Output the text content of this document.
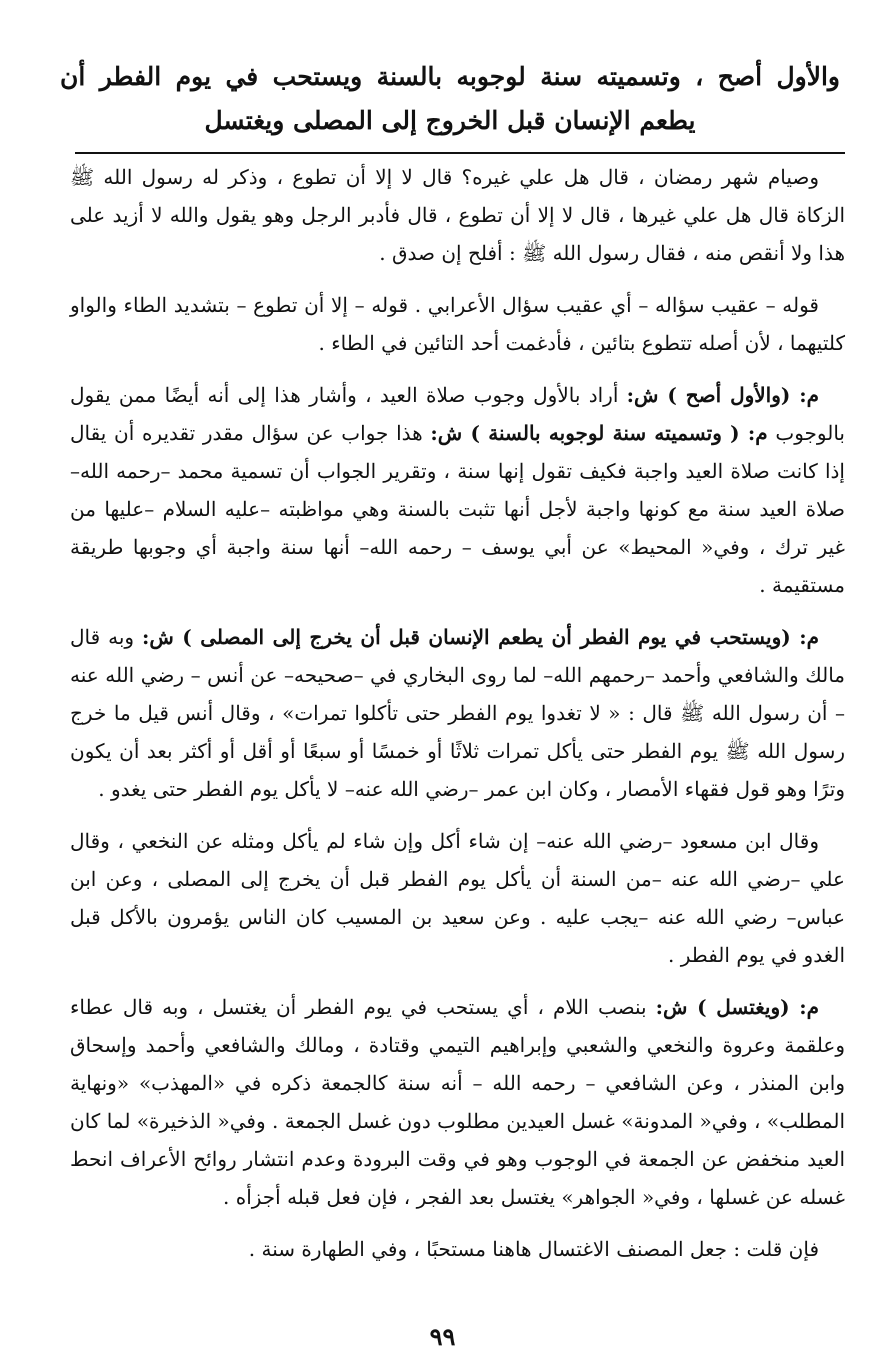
والأول أصح ، وتسميته سنة لوجوبه بالسنة ويستحب في يوم الفطر أن يطعم الإنسان قبل الخروج إلى المصلى ويغتسل

وصيام شهر رمضان ، قال هل علي غيره؟ قال لا إلا أن تطوع ، وذكر له رسول الله ﷺ الزكاة قال هل علي غيرها ، قال لا إلا أن تطوع ، قال فأدبر الرجل وهو يقول والله لا أزيد على هذا ولا أنقص منه ، فقال رسول الله ﷺ : أفلح إن صدق .

قوله – عقيب سؤاله – أي عقيب سؤال الأعرابي . قوله – إلا أن تطوع – بتشديد الطاء والواو كلتيهما ، لأن أصله تتطوع بتائين ، فأدغمت أحد التائين في الطاء .

م: (والأول أصح ) ش: أراد بالأول وجوب صلاة العيد ، وأشار هذا إلى أنه أيضًا ممن يقول بالوجوب م: ( وتسميته سنة لوجوبه بالسنة ) ش: هذا جواب عن سؤال مقدر تقديره أن يقال إذا كانت صلاة العيد واجبة فكيف تقول إنها سنة ، وتقرير الجواب أن تسمية محمد –رحمه الله– صلاة العيد سنة مع كونها واجبة لأجل أنها تثبت بالسنة وهي مواظبته –عليه السلام –عليها من غير ترك ، وفي« المحيط» عن أبي يوسف – رحمه الله– أنها سنة واجبة أي وجوبها طريقة مستقيمة .

م: (ويستحب في يوم الفطر أن يطعم الإنسان قبل أن يخرج إلى المصلى ) ش: وبه قال مالك والشافعي وأحمد –رحمهم الله– لما روى البخاري في –صحيحه– عن أنس – رضي الله عنه – أن رسول الله ﷺ قال : « لا تغدوا يوم الفطر حتى تأكلوا تمرات» ، وقال أنس قيل ما خرج رسول الله ﷺ يوم الفطر حتى يأكل تمرات ثلاثًا أو خمسًا أو سبعًا أو أقل أو أكثر بعد أن يكون وترًا وهو قول فقهاء الأمصار ، وكان ابن عمر –رضي الله عنه– لا يأكل يوم الفطر حتى يغدو .

وقال ابن مسعود –رضي الله عنه– إن شاء أكل وإن شاء لم يأكل ومثله عن النخعي ، وقال علي –رضي الله عنه –من السنة أن يأكل يوم الفطر قبل أن يخرج إلى المصلى ، وعن ابن عباس– رضي الله عنه –يجب عليه . وعن سعيد بن المسيب كان الناس يؤمرون بالأكل قبل الغدو في يوم الفطر .

م: (ويغتسل ) ش: بنصب اللام ، أي يستحب في يوم الفطر أن يغتسل ، وبه قال عطاء وعلقمة وعروة والنخعي والشعبي وإبراهيم التيمي وقتادة ، ومالك والشافعي وأحمد وإسحاق وابن المنذر ، وعن الشافعي – رحمه الله – أنه سنة كالجمعة ذكره في «المهذب» «ونهاية المطلب» ، وفي« المدونة» غسل العيدين مطلوب دون غسل الجمعة . وفي« الذخيرة» لما كان العيد منخفض عن الجمعة في الوجوب وهو في وقت البرودة وعدم انتشار روائح الأعراف انحط غسله عن غسلها ، وفي« الجواهر» يغتسل بعد الفجر ، فإن فعل قبله أجزأه .

فإن قلت : جعل المصنف الاغتسال هاهنا مستحبًا ، وفي الطهارة سنة .

٩٩
